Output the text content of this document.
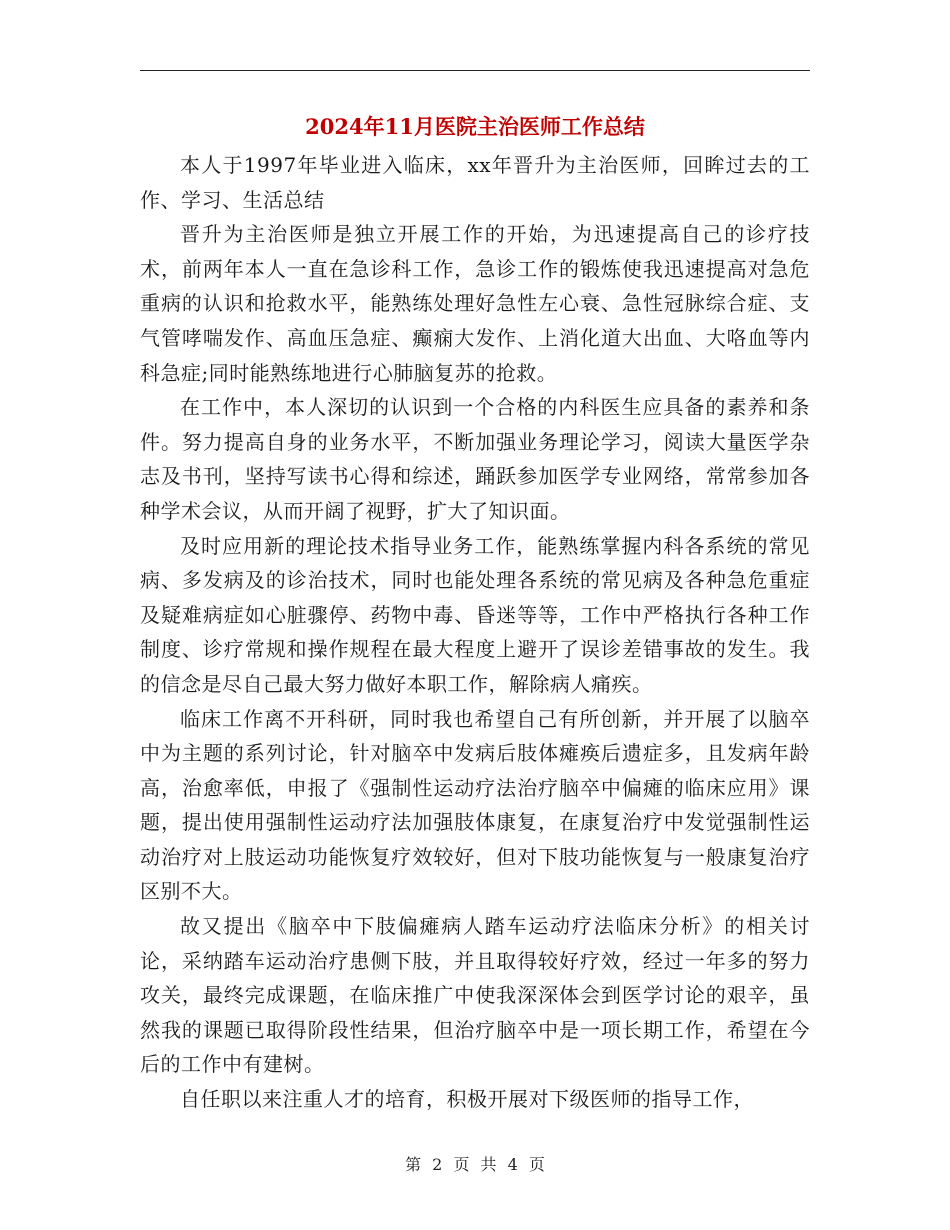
2024年11月医院主治医师工作总结

本人于1997年毕业进入临床，xx年晋升为主治医师，回眸过去的工作、学习、生活总结

晋升为主治医师是独立开展工作的开始，为迅速提高自己的诊疗技术，前两年本人一直在急诊科工作，急诊工作的锻炼使我迅速提高对急危重病的认识和抢救水平，能熟练处理好急性左心衰、急性冠脉综合症、支气管哮喘发作、高血压急症、癫痫大发作、上消化道大出血、大咯血等内科急症;同时能熟练地进行心肺脑复苏的抢救。

在工作中，本人深切的认识到一个合格的内科医生应具备的素养和条件。努力提高自身的业务水平，不断加强业务理论学习，阅读大量医学杂志及书刊，坚持写读书心得和综述，踊跃参加医学专业网络，常常参加各种学术会议，从而开阔了视野，扩大了知识面。

及时应用新的理论技术指导业务工作，能熟练掌握内科各系统的常见病、多发病及的诊治技术，同时也能处理各系统的常见病及各种急危重症及疑难病症如心脏骤停、药物中毒、昏迷等等，工作中严格执行各种工作制度、诊疗常规和操作规程在最大程度上避开了误诊差错事故的发生。我的信念是尽自己最大努力做好本职工作，解除病人痛疾。

临床工作离不开科研，同时我也希望自己有所创新，并开展了以脑卒中为主题的系列讨论，针对脑卒中发病后肢体瘫痪后遗症多，且发病年龄高，治愈率低，申报了《强制性运动疗法治疗脑卒中偏瘫的临床应用》课题，提出使用强制性运动疗法加强肢体康复，在康复治疗中发觉强制性运动治疗对上肢运动功能恢复疗效较好，但对下肢功能恢复与一般康复治疗区别不大。

故又提出《脑卒中下肢偏瘫病人踏车运动疗法临床分析》的相关讨论，采纳踏车运动治疗患侧下肢，并且取得较好疗效，经过一年多的努力攻关，最终完成课题，在临床推广中使我深深体会到医学讨论的艰辛，虽然我的课题已取得阶段性结果，但治疗脑卒中是一项长期工作，希望在今后的工作中有建树。

自任职以来注重人才的培育，积极开展对下级医师的指导工作，

第 2 页 共 4 页
